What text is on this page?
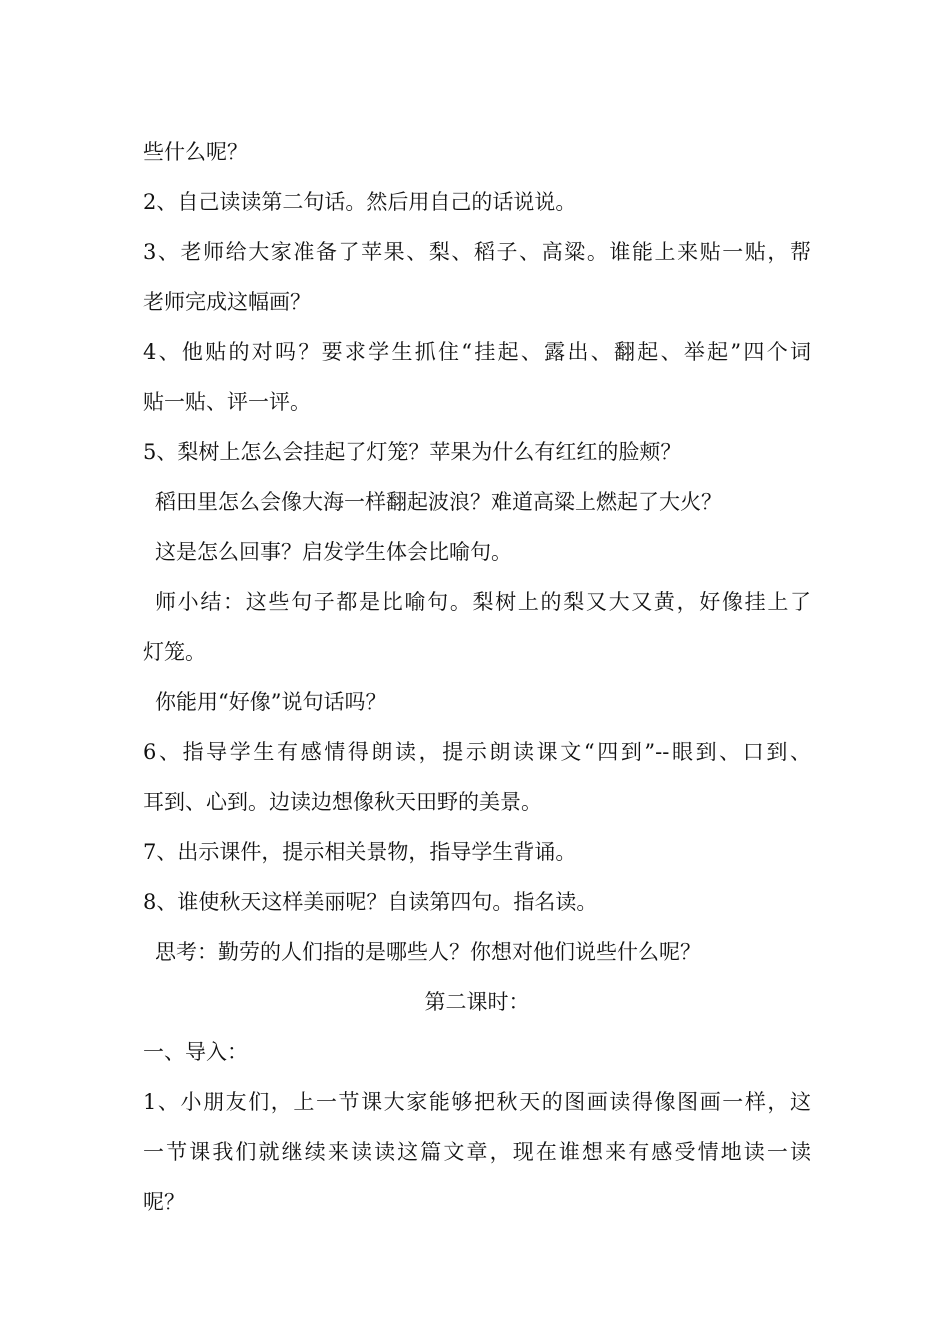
些什么呢？
2、自己读读第二句话。然后用自己的话说说。
3、老师给大家准备了苹果、梨、稻子、高粱。谁能上来贴一贴，帮
老师完成这幅画？
4、他贴的对吗？要求学生抓住“挂起、露出、翻起、举起”四个词
贴一贴、评一评。
5、梨树上怎么会挂起了灯笼？苹果为什么有红红的脸颊？
稻田里怎么会像大海一样翻起波浪？难道高粱上燃起了大火？
这是怎么回事？启发学生体会比喻句。
师小结：这些句子都是比喻句。梨树上的梨又大又黄，好像挂上了
灯笼。
你能用“好像”说句话吗？
6、指导学生有感情得朗读，提示朗读课文“四到”--眼到、口到、
耳到、心到。边读边想像秋天田野的美景。
7、出示课件，提示相关景物，指导学生背诵。
8、谁使秋天这样美丽呢？自读第四句。指名读。
思考：勤劳的人们指的是哪些人？你想对他们说些什么呢？
第二课时：
一、导入：
1、小朋友们，上一节课大家能够把秋天的图画读得像图画一样，这
一节课我们就继续来读读这篇文章，现在谁想来有感受情地读一读
呢？
